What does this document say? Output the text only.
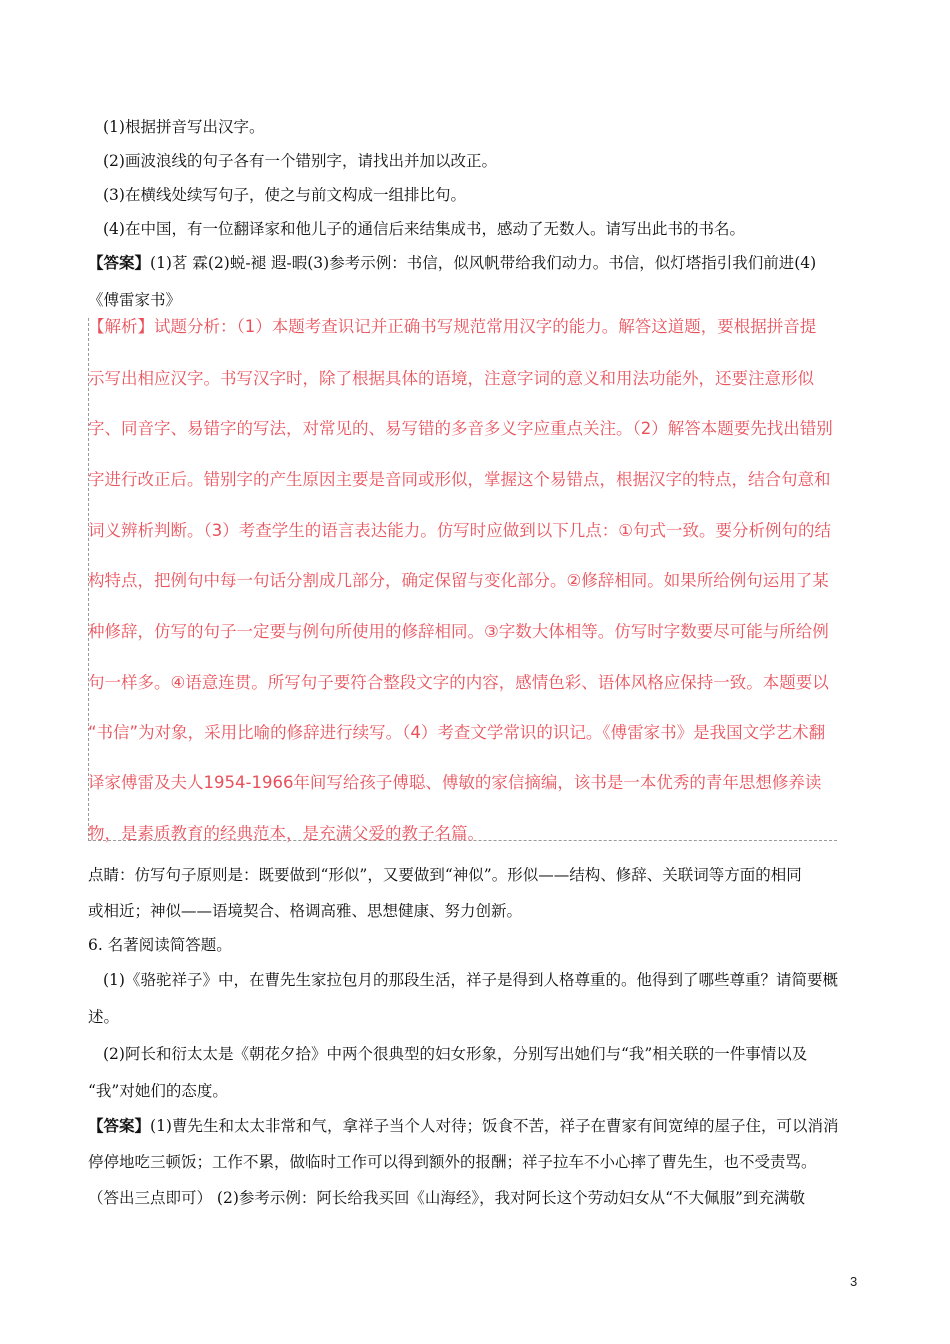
(1)根据拼音写出汉字。
(2)画波浪线的句子各有一个错别字，请找出并加以改正。
(3)在横线处续写句子，使之与前文构成一组排比句。
(4)在中国，有一位翻译家和他儿子的通信后来结集成书，感动了无数人。请写出此书的书名。
【答案】(1)茗 霖(2)蜕-褪 遐-暇(3)参考示例：书信，似风帆带给我们动力。书信，似灯塔指引我们前进(4)
《傅雷家书》
【解析】试题分析：（1）本题考查识记并正确书写规范常用汉字的能力。解答这道题，要根据拼音提
示写出相应汉字。书写汉字时，除了根据具体的语境，注意字词的意义和用法功能外，还要注意形似
字、同音字、易错字的写法，对常见的、易写错的多音多义字应重点关注。（2）解答本题要先找出错别
字进行改正后。错别字的产生原因主要是音同或形似，掌握这个易错点，根据汉字的特点，结合句意和
词义辨析判断。（3）考查学生的语言表达能力。仿写时应做到以下几点：①句式一致。要分析例句的结
构特点，把例句中每一句话分割成几部分，确定保留与变化部分。②修辞相同。如果所给例句运用了某
种修辞，仿写的句子一定要与例句所使用的修辞相同。③字数大体相等。仿写时字数要尽可能与所给例
句一样多。④语意连贯。所写句子要符合整段文字的内容，感情色彩、语体风格应保持一致。本题要以
“书信”为对象，采用比喻的修辞进行续写。（4）考查文学常识的识记。《傅雷家书》是我国文学艺术翻
译家傅雷及夫人1954-1966年间写给孩子傅聪、傅敏的家信摘编，该书是一本优秀的青年思想修养读
物，是素质教育的经典范本，是充满父爱的教子名篇。
点睛：仿写句子原则是：既要做到“形似”，又要做到“神似”。形似——结构、修辞、关联词等方面的相同
或相近；神似——语境契合、格调高雅、思想健康、努力创新。
6. 名著阅读简答题。
(1)《骆驼祥子》中，在曹先生家拉包月的那段生活，祥子是得到人格尊重的。他得到了哪些尊重？请简要概
述。
(2)阿长和衍太太是《朝花夕拾》中两个很典型的妇女形象，分别写出她们与“我”相关联的一件事情以及
“我”对她们的态度。
【答案】(1)曹先生和太太非常和气，拿祥子当个人对待；饭食不苦，祥子在曹家有间宽绰的屋子住，可以消消
停停地吃三顿饭；工作不累，做临时工作可以得到额外的报酬；祥子拉车不小心摔了曹先生，也不受责骂。
（答出三点即可） (2)参考示例：阿长给我买回《山海经》，我对阿长这个劳动妇女从“不大佩服”到充满敬
3
